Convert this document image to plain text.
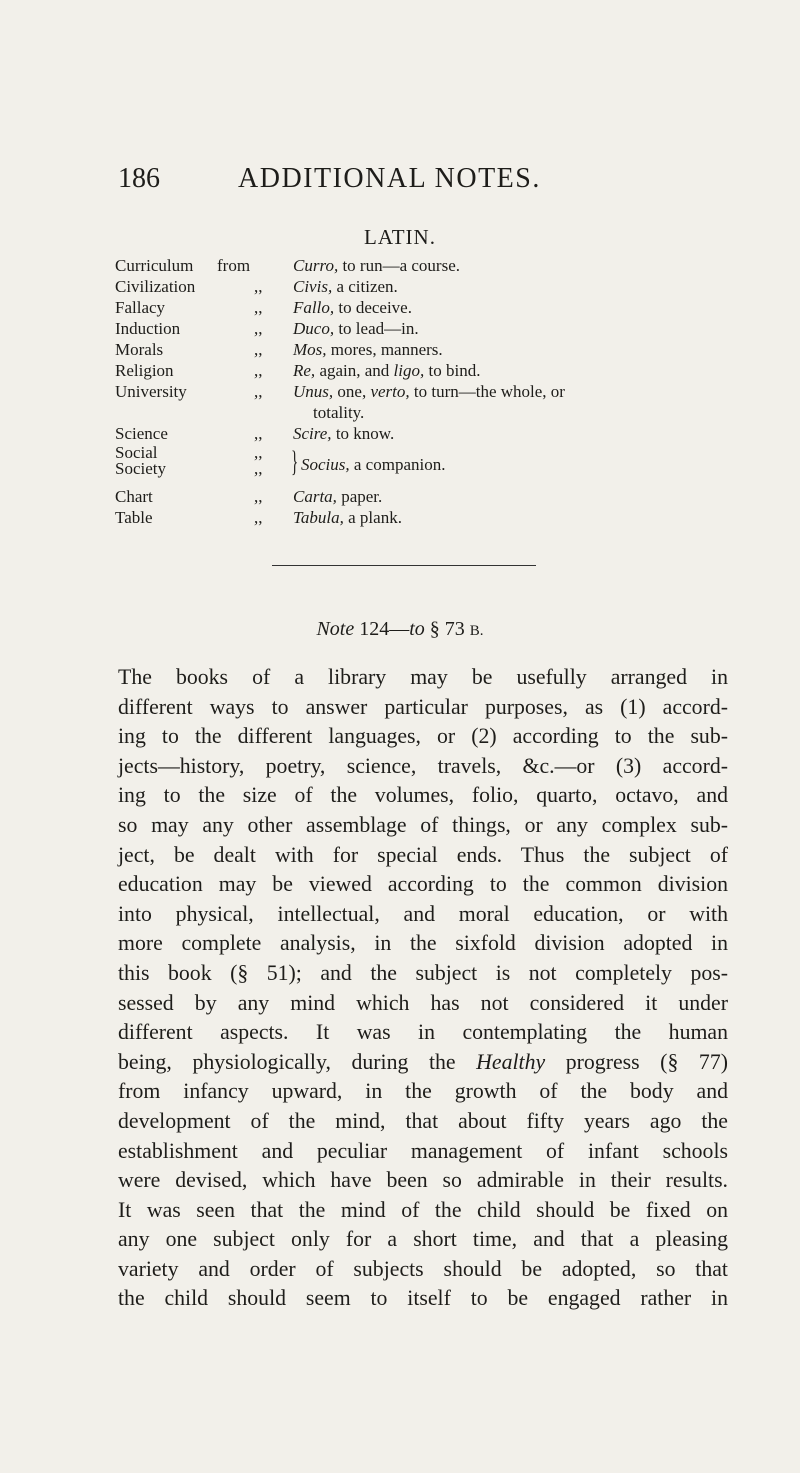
186	ADDITIONAL NOTES.
LATIN.
Curriculum	from	Curro, to run—a course.
Civilization	,, Civis, a citizen.
Fallacy	,, Fallo, to deceive.
Induction	,, Duco, to lead—in.
Morals	,, Mos, mores, manners.
Religion	,, Re, again, and ligo, to bind.
University	,, Unus, one, verto, to turn—the whole, or
totality.
Science	,, Scire, to know.
Social	,,
Society	,, } Socius, a companion.
Chart	,, Carta, paper.
Table	,, Tabula, a plank.
Note 124—to § 73 B.
The books of a library may be usefully arranged in
different ways to answer particular purposes, as (1) accord-
ing to the different languages, or (2) according to the sub-
jects—history, poetry, science, travels, &c.—or (3) accord-
ing to the size of the volumes, folio, quarto, octavo, and
so may any other assemblage of things, or any complex sub-
ject, be dealt with for special ends. Thus the subject of
education may be viewed according to the common division
into physical, intellectual, and moral education, or with
more complete analysis, in the sixfold division adopted in
this book (§ 51); and the subject is not completely pos-
sessed by any mind which has not considered it under
different aspects. It was in contemplating the human
being, physiologically, during the Healthy progress (§ 77)
from infancy upward, in the growth of the body and
development of the mind, that about fifty years ago the
establishment and peculiar management of infant schools
were devised, which have been so admirable in their results.
It was seen that the mind of the child should be fixed on
any one subject only for a short time, and that a pleasing
variety and order of subjects should be adopted, so that
the child should seem to itself to be engaged rather in
